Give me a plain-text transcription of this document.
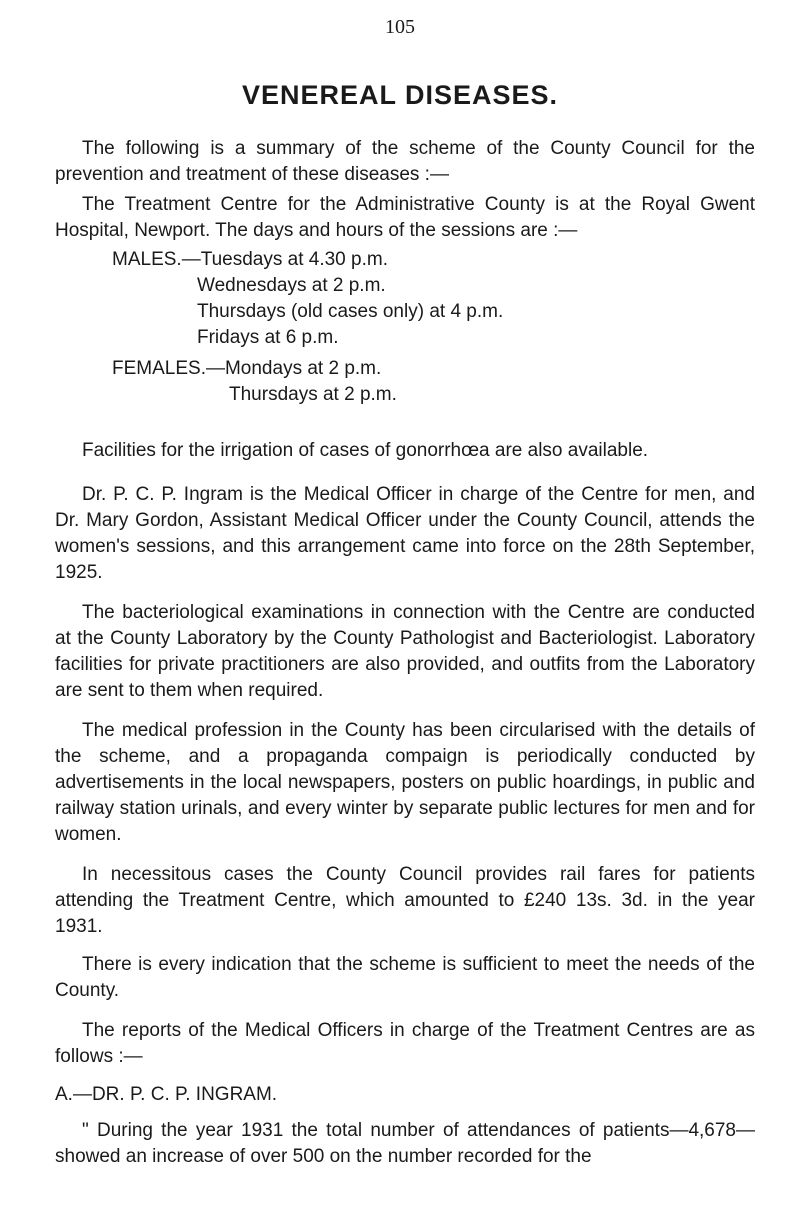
105
VENEREAL DISEASES.

The following is a summary of the scheme of the County Council for the prevention and treatment of these diseases :—

The Treatment Centre for the Administrative County is at the Royal Gwent Hospital, Newport. The days and hours of the sessions are :—

MALES.—Tuesdays at 4.30 p.m.
Wednesdays at 2 p.m.
Thursdays (old cases only) at 4 p.m.
Fridays at 6 p.m.
FEMALES.—Mondays at 2 p.m.
Thursdays at 2 p.m.

Facilities for the irrigation of cases of gonorrhœa are also available.

Dr. P. C. P. Ingram is the Medical Officer in charge of the Centre for men, and Dr. Mary Gordon, Assistant Medical Officer under the County Council, attends the women's sessions, and this arrangement came into force on the 28th September, 1925.

The bacteriological examinations in connection with the Centre are conducted at the County Laboratory by the County Pathologist and Bacteriologist. Laboratory facilities for private practitioners are also provided, and outfits from the Laboratory are sent to them when required.

The medical profession in the County has been circularised with the details of the scheme, and a propaganda compaign is periodically conducted by advertisements in the local newspapers, posters on public hoardings, in public and railway station urinals, and every winter by separate public lectures for men and for women.

In necessitous cases the County Council provides rail fares for patients attending the Treatment Centre, which amounted to £240 13s. 3d. in the year 1931.

There is every indication that the scheme is sufficient to meet the needs of the County.

The reports of the Medical Officers in charge of the Treatment Centres are as follows :—

A.—DR. P. C. P. INGRAM.

" During the year 1931 the total number of attendances of patients—4,678—showed an increase of over 500 on the number recorded for the
